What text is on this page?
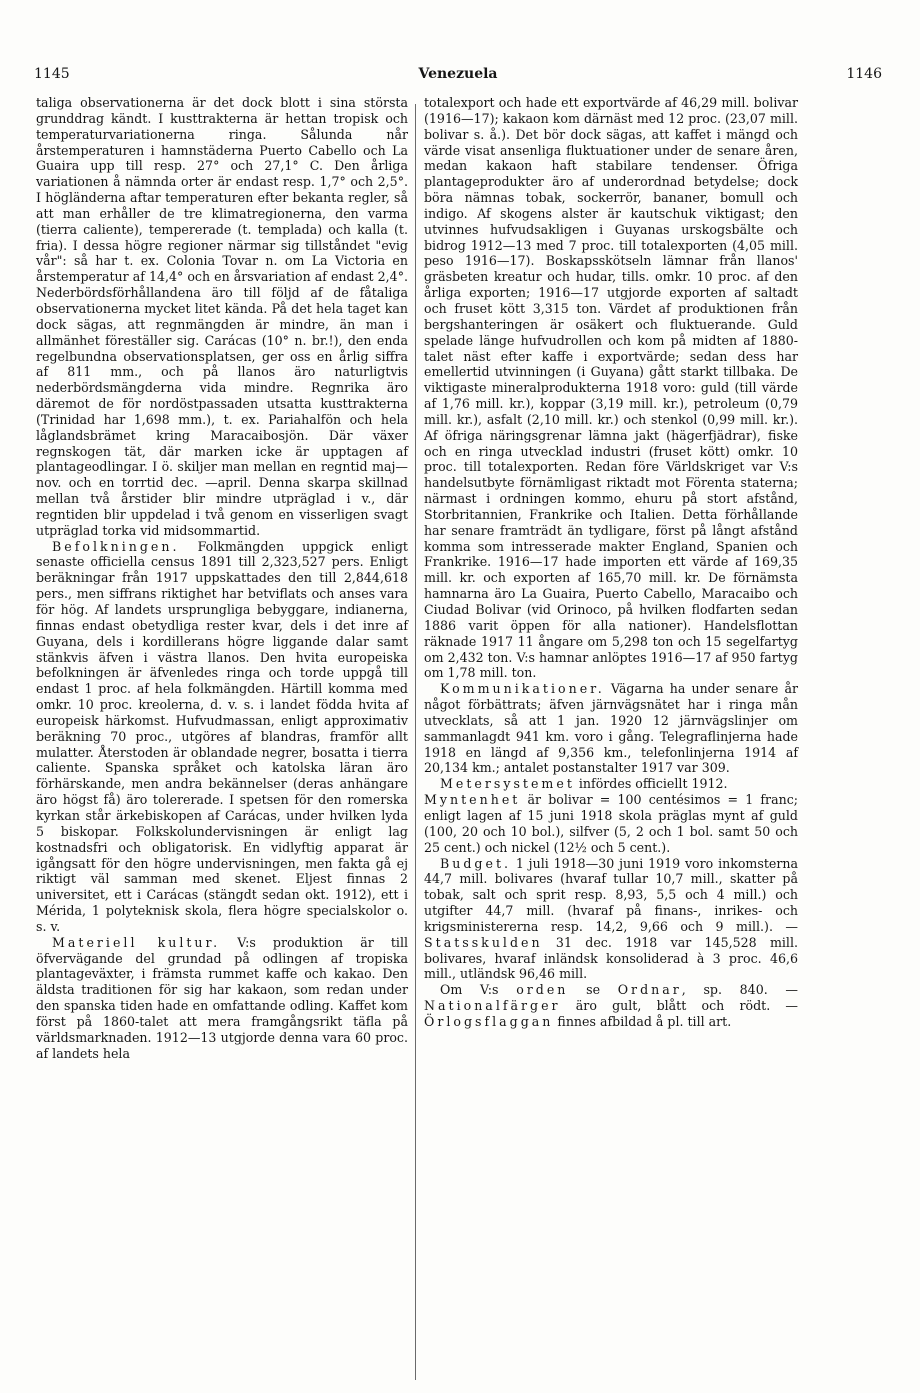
1145	Venezuela	1146

taliga observationerna är det dock blott i sina största grunddrag kändt. I kusttrakterna är hettan tropisk och temperaturvariationerna ringa. Sålunda når årstemperaturen i hamnstäderna Puerto Cabello och La Guaira upp till resp. 27° och 27,1° C. Den årliga variationen å nämnda orter är endast resp. 1,7° och 2,5°. I högländerna aftar temperaturen efter bekanta regler, så att man erhåller de tre klimatregionerna, den varma (tierra caliente), tempererade (t. templada) och kalla (t. fria). I dessa högre regioner närmar sig tillståndet "evig vår": så har t. ex. Colonia Tovar n. om La Victoria en årstemperatur af 14,4° och en årsvariation af endast 2,4°. Nederbördsförhållandena äro till följd af de fåtaliga observationerna mycket litet kända. På det hela taget kan dock sägas, att regnmängden är mindre, än man i allmänhet föreställer sig. Carácas (10° n. br.!), den enda regelbundna observationsplatsen, ger oss en årlig siffra af 811 mm., och på llanos äro naturligtvis nederbördsmängderna vida mindre. Regnrika äro däremot de för nordöstpassaden utsatta kusttrakterna (Trinidad har 1,698 mm.), t. ex. Pariahalfön och hela låglandsbrämet kring Maracaibosjön. Där växer regnskogen tät, där marken icke är upptagen af plantageodlingar. I ö. skiljer man mellan en regntid maj—nov. och en torrtid dec. —april. Denna skarpa skillnad mellan två årstider blir mindre utpräglad i v., där regntiden blir uppdelad i två genom en visserligen svagt utpräglad torka vid midsommartid.

Befolkningen. Folkmängden uppgick enligt senaste officiella census 1891 till 2,323,527 pers. Enligt beräkningar från 1917 uppskattades den till 2,844,618 pers., men siffrans riktighet har betviflats och anses vara för hög. Af landets ursprungliga bebyggare, indianerna, finnas endast obetydliga rester kvar, dels i det inre af Guyana, dels i kordillerans högre liggande dalar samt stänkvis äfven i västra llanos. Den hvita europeiska befolkningen är äfvenledes ringa och torde uppgå till endast 1 proc. af hela folkmängden. Härtill komma med omkr. 10 proc. kreolerna, d. v. s. i landet födda hvita af europeisk härkomst. Hufvudmassan, enligt approximativ beräkning 70 proc., utgöres af blandras, framför allt mulatter. Återstoden är oblandade negrer, bosatta i tierra caliente. Spanska språket och katolska läran äro förhärskande, men andra bekännelser (deras anhängare äro högst få) äro tolererade. I spetsen för den romerska kyrkan står ärkebiskopen af Carácas, under hvilken lyda 5 biskopar. Folkskolundervisningen är enligt lag kostnadsfri och obligatorisk. En vidlyftig apparat är igångsatt för den högre undervisningen, men fakta gå ej riktigt väl samman med skenet. Eljest finnas 2 universitet, ett i Carácas (stängdt sedan okt. 1912), ett i Mérida, 1 polyteknisk skola, flera högre specialskolor o. s. v.

Materiell kultur. V:s produktion är till öfvervägande del grundad på odlingen af tropiska plantageväxter, i främsta rummet kaffe och kakao. Den äldsta traditionen för sig har kakaon, som redan under den spanska tiden hade en omfattande odling. Kaffet kom först på 1860-talet att mera framgångsrikt täfla på världsmarknaden. 1912—13 utgjorde denna vara 60 proc. af landets hela

totalexport och hade ett exportvärde af 46,29 mill. bolivar (1916—17); kakaon kom därnäst med 12 proc. (23,07 mill. bolivar s. å.). Det bör dock sägas, att kaffet i mängd och värde visat ansenliga fluktuationer under de senare åren, medan kakaon haft stabilare tendenser. Öfriga plantageprodukter äro af underordnad betydelse; dock böra nämnas tobak, sockerrör, bananer, bomull och indigo. Af skogens alster är kautschuk viktigast; den utvinnes hufvudsakligen i Guyanas urskogsbälte och bidrog 1912—13 med 7 proc. till totalexporten (4,05 mill. peso 1916—17). Boskapsskötseln lämnar från llanos' gräsbeten kreatur och hudar, tills. omkr. 10 proc. af den årliga exporten; 1916—17 utgjorde exporten af saltadt och fruset kött 3,315 ton. Värdet af produktionen från bergshanteringen är osäkert och fluktuerande. Guld spelade länge hufvudrollen och kom på midten af 1880-talet näst efter kaffe i exportvärde; sedan dess har emellertid utvinningen (i Guyana) gått starkt tillbaka. De viktigaste mineralprodukterna 1918 voro: guld (till värde af 1,76 mill. kr.), koppar (3,19 mill. kr.), petroleum (0,79 mill. kr.), asfalt (2,10 mill. kr.) och stenkol (0,99 mill. kr.). Af öfriga näringsgrenar lämna jakt (hägerfjädrar), fiske och en ringa utvecklad industri (fruset kött) omkr. 10 proc. till totalexporten. Redan före Världskriget var V:s handelsutbyte förnämligast riktadt mot Förenta staterna; närmast i ordningen kommo, ehuru på stort afstånd, Storbritannien, Frankrike och Italien. Detta förhållande har senare framträdt än tydligare, först på långt afstånd komma som intresserade makter England, Spanien och Frankrike. 1916—17 hade importen ett värde af 169,35 mill. kr. och exporten af 165,70 mill. kr. De förnämsta hamnarna äro La Guaira, Puerto Cabello, Maracaibo och Ciudad Bolivar (vid Orinoco, på hvilken flodfarten sedan 1886 varit öppen för alla nationer). Handelsflottan räknade 1917 11 ångare om 5,298 ton och 15 segelfartyg om 2,432 ton. V:s hamnar anlöptes 1916—17 af 950 fartyg om 1,78 mill. ton.

Kommunikationer. Vägarna ha under senare år något förbättrats; äfven järnvägsnätet har i ringa mån utvecklats, så att 1 jan. 1920 12 järnvägslinjer om sammanlagdt 941 km. voro i gång. Telegraflinjerna hade 1918 en längd af 9,356 km., telefonlinjerna 1914 af 20,134 km.; antalet postanstalter 1917 var 309.

Metersystemet infördes officiellt 1912.

Myntenhet är bolivar = 100 centésimos = 1 franc; enligt lagen af 15 juni 1918 skola präglas mynt af guld (100, 20 och 10 bol.), silfver (5, 2 och 1 bol. samt 50 och 25 cent.) och nickel (12½ och 5 cent.).

Budget. 1 juli 1918—30 juni 1919 voro inkomsterna 44,7 mill. bolivares (hvaraf tullar 10,7 mill., skatter på tobak, salt och sprit resp. 8,93, 5,5 och 4 mill.) och utgifter 44,7 mill. (hvaraf på finans-, inrikes- och krigsministererna resp. 14,2, 9,66 och 9 mill.). —Statsskulden 31 dec. 1918 var 145,528 mill. bolivares, hvaraf inländsk konsoliderad à 3 proc. 46,6 mill., utländsk 96,46 mill.

Om V:s orden se Ordnar, sp. 840. — Nationalfärger äro gult, blått och rödt. — Örlogsflaggan finnes afbildad å pl. till art.
